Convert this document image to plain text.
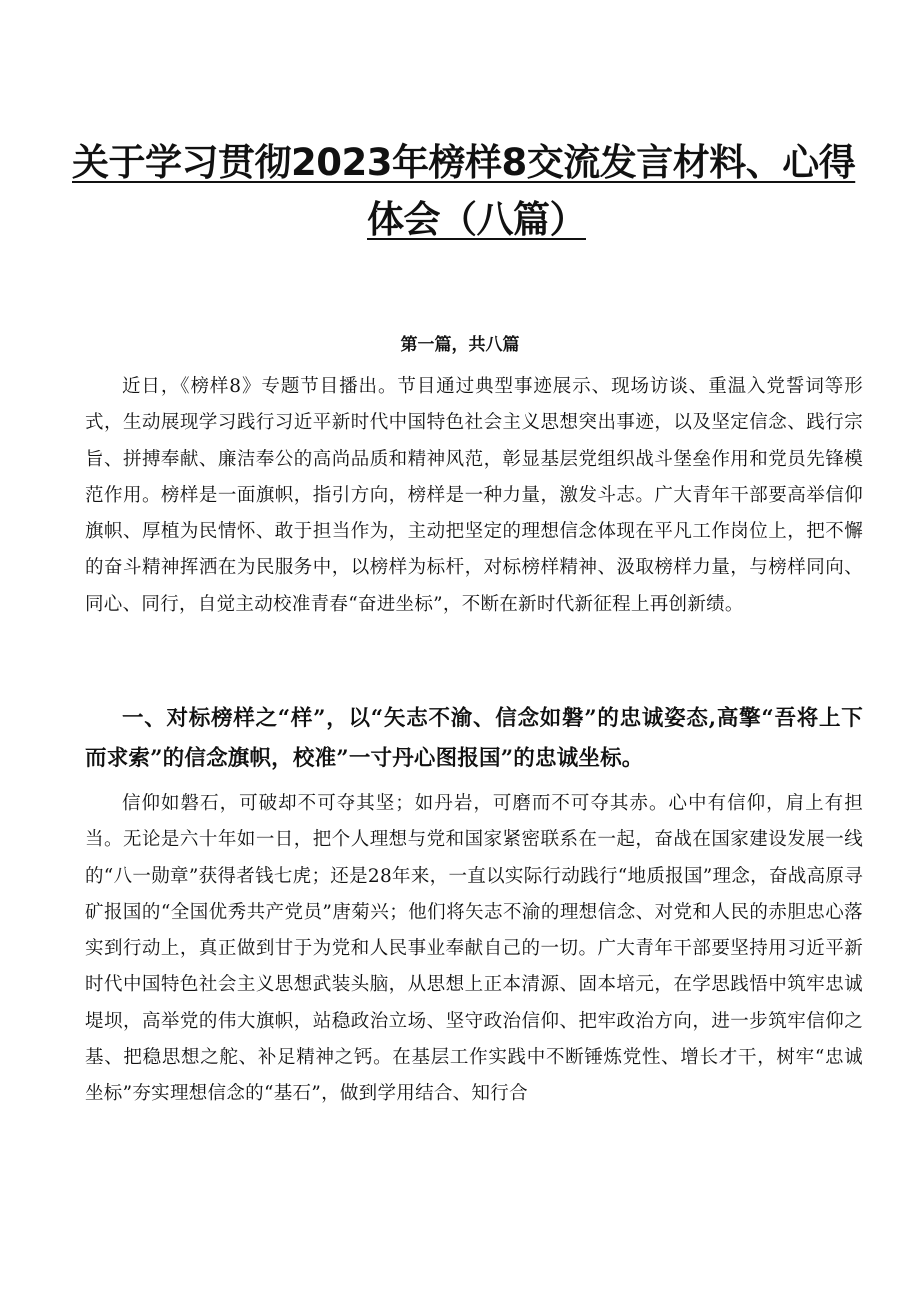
关于学习贯彻2023年榜样8交流发言材料、心得
体会（八篇）
第一篇，共八篇

近日，《榜样8》专题节目播出。节目通过典型事迹展示、现场访谈、重温入党誓词等形式，生动展现学习践行习近平新时代中国特色社会主义思想突出事迹，以及坚定信念、践行宗旨、拼搏奉献、廉洁奉公的高尚品质和精神风范，彰显基层党组织战斗堡垒作用和党员先锋模范作用。榜样是一面旗帜，指引方向，榜样是一种力量，激发斗志。广大青年干部要高举信仰旗帜、厚植为民情怀、敢于担当作为，主动把坚定的理想信念体现在平凡工作岗位上，把不懈的奋斗精神挥洒在为民服务中，以榜样为标杆，对标榜样精神、汲取榜样力量，与榜样同向、同心、同行，自觉主动校准青春“奋进坐标”，不断在新时代新征程上再创新绩。

一、对标榜样之“样”，以“矢志不渝、信念如磐”的忠诚姿态,高擎“吾将上下而求索”的信念旗帜，校准”一寸丹心图报国”的忠诚坐标。

信仰如磐石，可破却不可夺其坚；如丹岩，可磨而不可夺其赤。心中有信仰，肩上有担当。无论是六十年如一日，把个人理想与党和国家紧密联系在一起，奋战在国家建设发展一线的“八一勋章”获得者钱七虎；还是28年来，一直以实际行动践行“地质报国”理念，奋战高原寻矿报国的“全国优秀共产党员”唐菊兴；他们将矢志不渝的理想信念、对党和人民的赤胆忠心落实到行动上，真正做到甘于为党和人民事业奉献自己的一切。广大青年干部要坚持用习近平新时代中国特色社会主义思想武装头脑，从思想上正本清源、固本培元，在学思践悟中筑牢忠诚堤坝，高举党的伟大旗帜，站稳政治立场、坚守政治信仰、把牢政治方向，进一步筑牢信仰之基、把稳思想之舵、补足精神之钙。在基层工作实践中不断锤炼党性、增长才干，树牢“忠诚坐标”夯实理想信念的“基石”，做到学用结合、知行合
